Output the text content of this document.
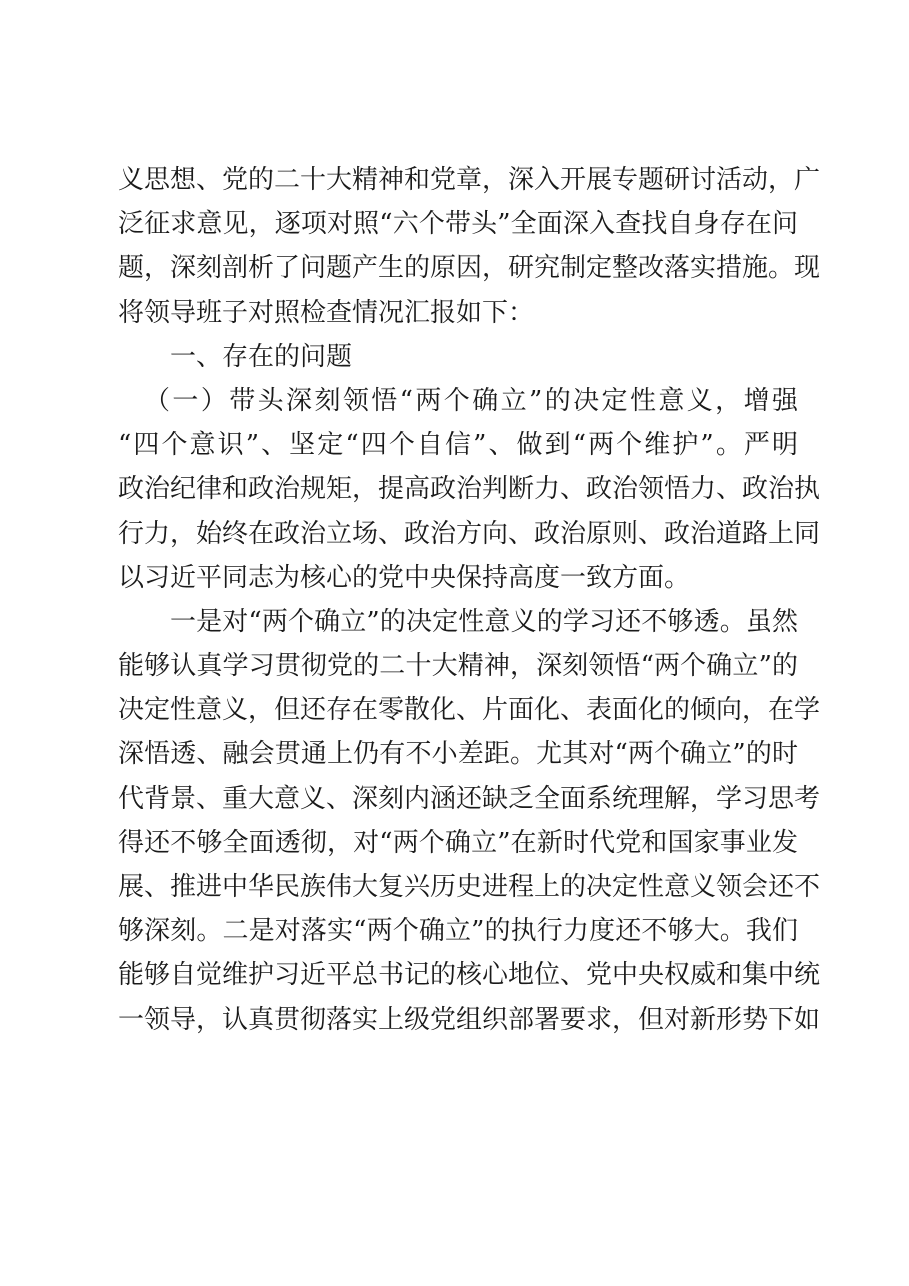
义思想、党的二十大精神和党章，深入开展专题研讨活动，广
泛征求意见，逐项对照“六个带头”全面深入查找自身存在问
题，深刻剖析了问题产生的原因，研究制定整改落实措施。现
将领导班子对照检查情况汇报如下：
一、存在的问题
（一）带头深刻领悟“两个确立”的决定性意义，增强
“四个意识”、坚定“四个自信”、做到“两个维护”。严明
政治纪律和政治规矩，提高政治判断力、政治领悟力、政治执
行力，始终在政治立场、政治方向、政治原则、政治道路上同
以习近平同志为核心的党中央保持高度一致方面。
一是对“两个确立”的决定性意义的学习还不够透。虽然
能够认真学习贯彻党的二十大精神，深刻领悟“两个确立”的
决定性意义，但还存在零散化、片面化、表面化的倾向，在学
深悟透、融会贯通上仍有不小差距。尤其对“两个确立”的时
代背景、重大意义、深刻内涵还缺乏全面系统理解，学习思考
得还不够全面透彻，对“两个确立”在新时代党和国家事业发
展、推进中华民族伟大复兴历史进程上的决定性意义领会还不
够深刻。二是对落实“两个确立”的执行力度还不够大。我们
能够自觉维护习近平总书记的核心地位、党中央权威和集中统
一领导，认真贯彻落实上级党组织部署要求，但对新形势下如
